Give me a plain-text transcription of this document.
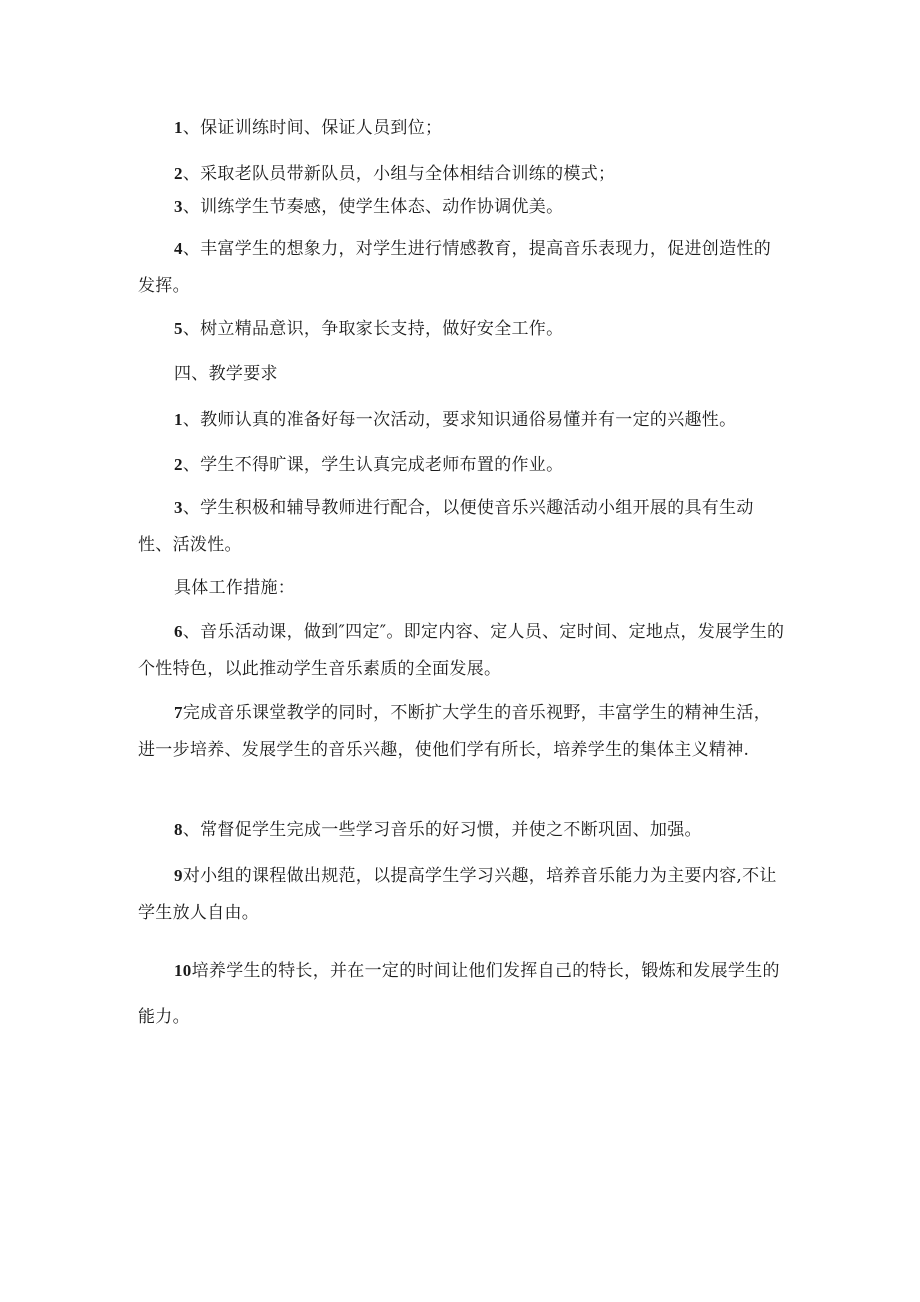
1、保证训练时间、保证人员到位；

2、采取老队员带新队员，小组与全体相结合训练的模式；

3、训练学生节奏感，使学生体态、动作协调优美。

4、丰富学生的想象力，对学生进行情感教育，提高音乐表现力，促进创造性的发挥。

5、树立精品意识，争取家长支持，做好安全工作。

四、教学要求

1、教师认真的准备好每一次活动，要求知识通俗易懂并有一定的兴趣性。

2、学生不得旷课，学生认真完成老师布置的作业。

3、学生积极和辅导教师进行配合，以便使音乐兴趣活动小组开展的具有生动性、活泼性。

具体工作措施：

6、音乐活动课，做到″四定″。即定内容、定人员、定时间、定地点，发展学生的个性特色，以此推动学生音乐素质的全面发展。

7完成音乐课堂教学的同时，不断扩大学生的音乐视野，丰富学生的精神生活，进一步培养、发展学生的音乐兴趣，使他们学有所长，培养学生的集体主义精神.

8、常督促学生完成一些学习音乐的好习惯，并使之不断巩固、加强。

9对小组的课程做出规范，以提高学生学习兴趣，培养音乐能力为主要内容,不让学生放人自由。

10培养学生的特长，并在一定的时间让他们发挥自己的特长，锻炼和发展学生的能力。
